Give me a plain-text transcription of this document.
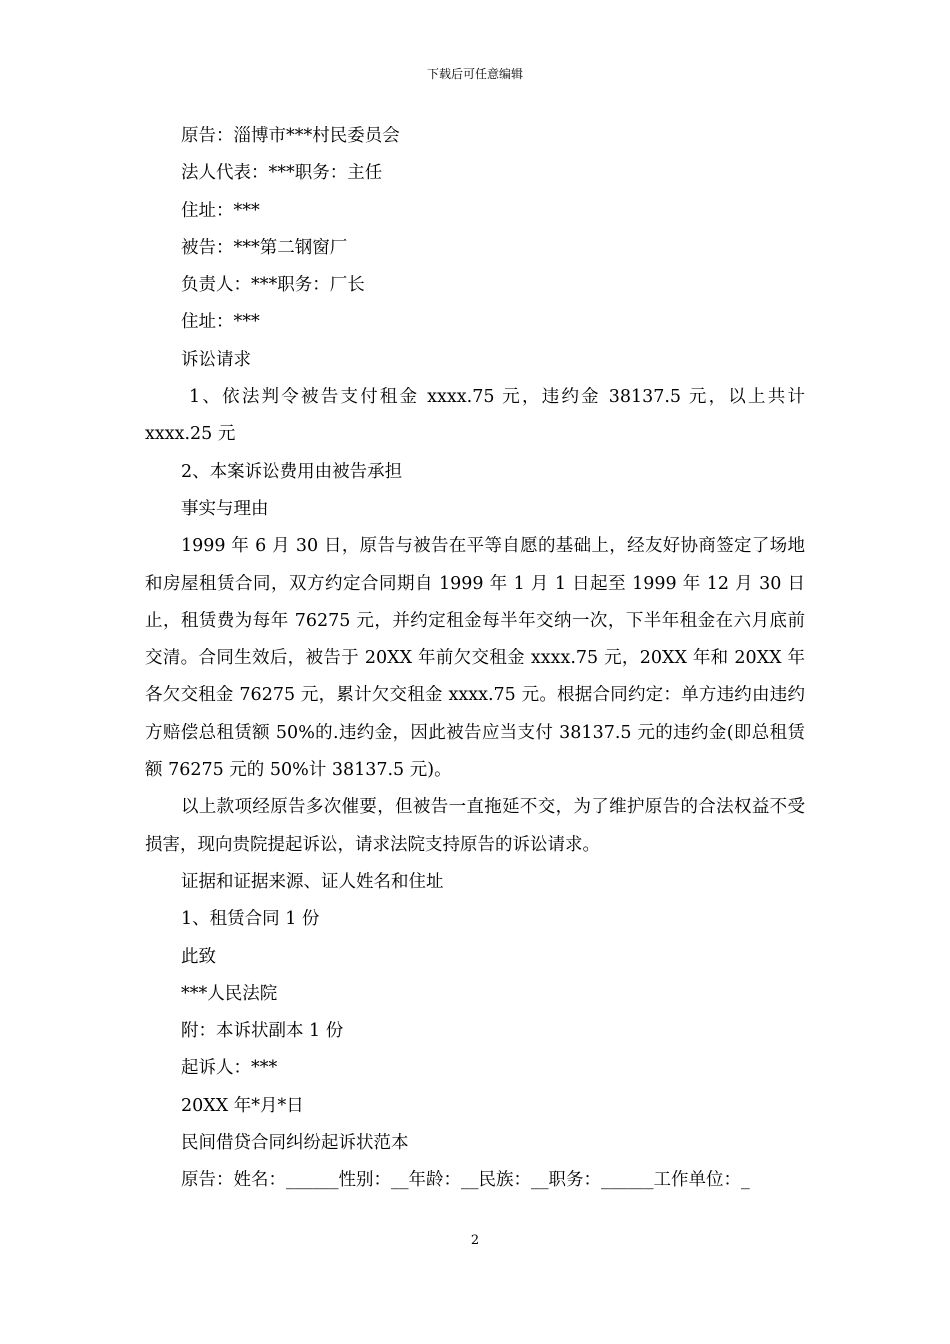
下载后可任意编辑

原告：淄博市***村民委员会

法人代表：***职务：主任

住址：***

被告：***第二钢窗厂

负责人：***职务：厂长

住址：***

诉讼请求

1、依法判令被告支付租金 xxxx.75 元，违约金 38137.5 元，以上共计 xxxx.25 元

2、本案诉讼费用由被告承担

事实与理由

1999 年 6 月 30 日，原告与被告在平等自愿的基础上，经友好协商签定了场地和房屋租赁合同，双方约定合同期自 1999 年 1 月 1 日起至 1999 年 12 月 30 日止，租赁费为每年 76275 元，并约定租金每半年交纳一次，下半年租金在六月底前交清。合同生效后，被告于 20XX 年前欠交租金 xxxx.75 元，20XX 年和 20XX 年各欠交租金 76275 元，累计欠交租金 xxxx.75 元。根据合同约定：单方违约由违约方赔偿总租赁额 50%的.违约金，因此被告应当支付 38137.5 元的违约金(即总租赁额 76275 元的 50%计 38137.5 元)。

以上款项经原告多次催要，但被告一直拖延不交，为了维护原告的合法权益不受损害，现向贵院提起诉讼，请求法院支持原告的诉讼请求。

证据和证据来源、证人姓名和住址

1、租赁合同 1 份

此致

***人民法院

附：本诉状副本 1 份

起诉人：***

20XX 年*月*日

民间借贷合同纠纷起诉状范本

原告：姓名：______性别：__年龄：__民族：__职务：______工作单位：_

2
